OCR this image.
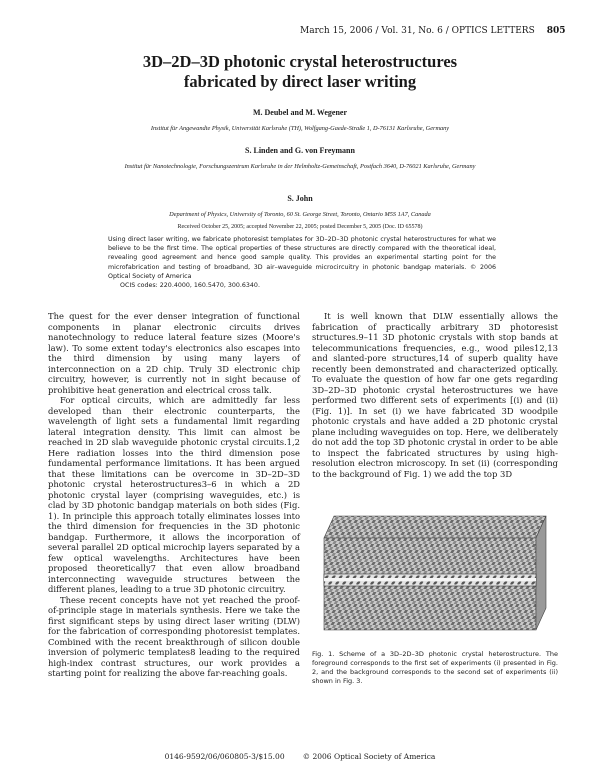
March 15, 2006 / Vol. 31, No. 6 / OPTICS LETTERS 805
3D–2D–3D photonic crystal heterostructures
fabricated by direct laser writing
M. Deubel and M. Wegener
Institut für Angewandte Physik, Universität Karlsruhe (TH), Wolfgang-Gaede-Straße 1, D-76131 Karlsruhe, Germany
S. Linden and G. von Freymann
Institut für Nanotechnologie, Forschungszentrum Karlsruhe in der Helmholtz-Gemeinschaft, Postfach 3640, D-76021 Karlsruhe, Germany
S. John
Department of Physics, University of Toronto, 60 St. George Street, Toronto, Ontario M5S 1A7, Canada
Received October 25, 2005; accepted November 22, 2005; posted December 5, 2005 (Doc. ID 65578)
Using direct laser writing, we fabricate photoresist templates for 3D–2D–3D photonic crystal heterostructures for what we believe to be the first time. The optical properties of these structures are directly compared with the theoretical ideal, revealing good agreement and hence good sample quality. This provides an experimental starting point for the microfabrication and testing of broadband, 3D air–waveguide microcircuitry in photonic bandgap materials. © 2006 Optical Society of America
OCIS codes: 220.4000, 160.5470, 300.6340.

The quest for the ever denser integration of functional components in planar electronic circuits drives nanotechnology to reduce lateral feature sizes (Moore's law). To some extent today's electronics also escapes into the third dimension by using many layers of interconnection on a 2D chip. Truly 3D electronic chip circuitry, however, is currently not in sight because of prohibitive heat generation and electrical cross talk.

For optical circuits, which are admittedly far less developed than their electronic counterparts, the wavelength of light sets a fundamental limit regarding lateral integration density. This limit can almost be reached in 2D slab waveguide photonic crystal circuits.1,2 Here radiation losses into the third dimension pose fundamental performance limitations. It has been argued that these limitations can be overcome in 3D–2D–3D photonic crystal heterostructures3–6 in which a 2D photonic crystal layer (comprising waveguides, etc.) is clad by 3D photonic bandgap materials on both sides (Fig. 1). In principle this approach totally eliminates losses into the third dimension for frequencies in the 3D photonic bandgap. Furthermore, it allows the incorporation of several parallel 2D optical microchip layers separated by a few optical wavelengths. Architectures have been proposed theoretically7 that even allow broadband interconnecting waveguide structures between the different planes, leading to a true 3D photonic circuitry.

These recent concepts have not yet reached the proof-of-principle stage in materials synthesis. Here we take the first significant steps by using direct laser writing (DLW) for the fabrication of corresponding photoresist templates. Combined with the recent breakthrough of silicon double inversion of polymeric templates8 leading to the required high-index contrast structures, our work provides a starting point for realizing the above far-reaching goals.

It is well known that DLW essentially allows the fabrication of practically arbitrary 3D photoresist structures.9–11 3D photonic crystals with stop bands at telecommunications frequencies, e.g., wood piles12,13 and slanted-pore structures,14 of superb quality have recently been demonstrated and characterized optically. To evaluate the question of how far one gets regarding 3D–2D–3D photonic crystal heterostructures we have performed two different sets of experiments [(i) and (ii) (Fig. 1)]. In set (i) we have fabricated 3D woodpile photonic crystals and have added a 2D photonic crystal plane including waveguides on top. Here, we deliberately do not add the top 3D photonic crystal in order to be able to inspect the fabricated structures by using high-resolution electron microscopy. In set (ii) (corresponding to the background of Fig. 1) we add the top 3D

Fig. 1. Scheme of a 3D–2D–3D photonic crystal heterostructure. The foreground corresponds to the first set of experiments (i) presented in Fig. 2, and the background corresponds to the second set of experiments (ii) shown in Fig. 3.
0146-9592/06/060805-3/$15.00 © 2006 Optical Society of America
